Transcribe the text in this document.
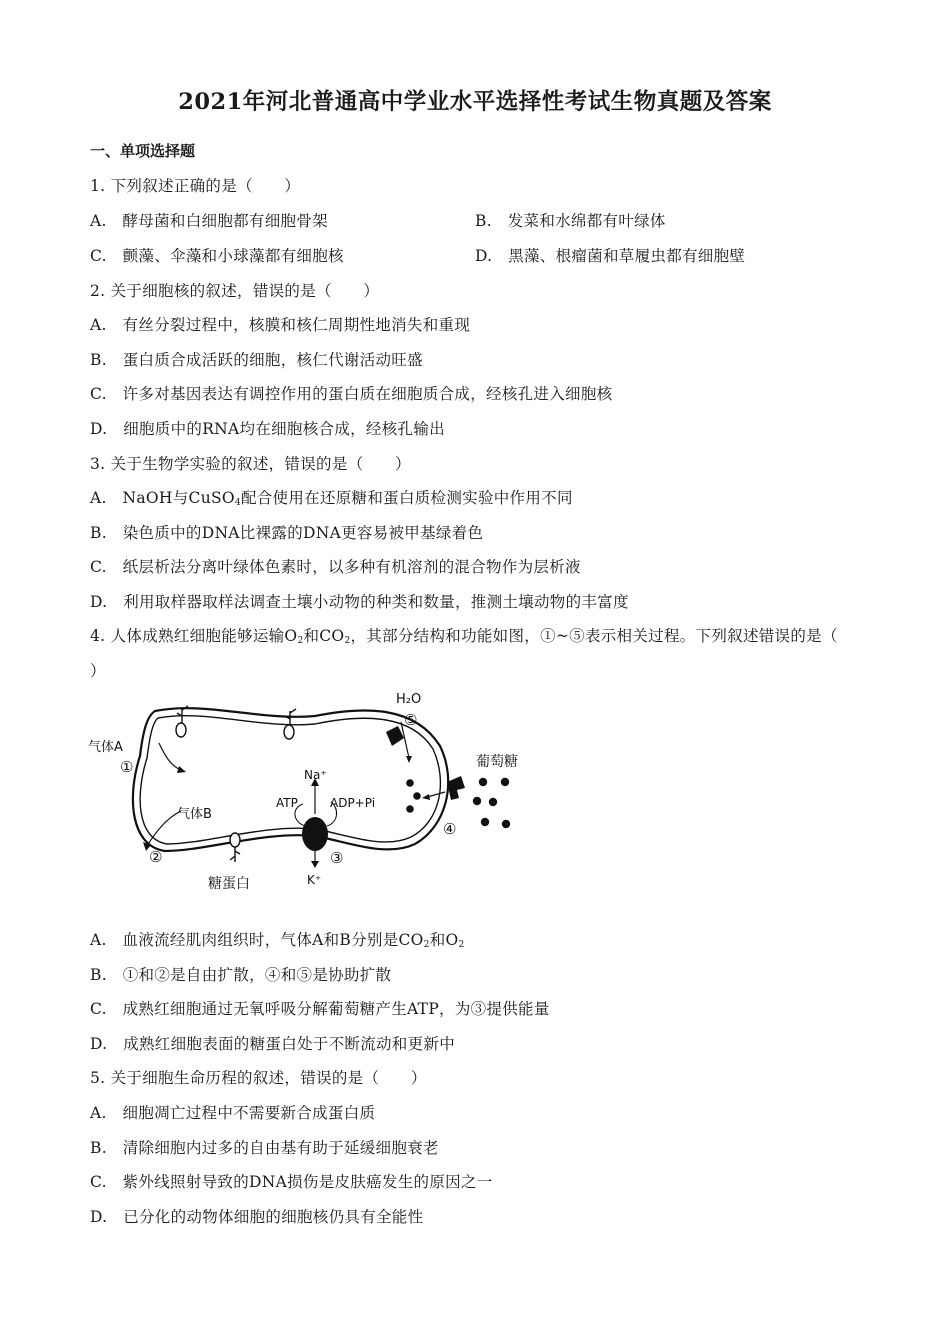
2021年河北普通高中学业水平选择性考试生物真题及答案
一、单项选择题
1. 下列叙述正确的是（　　）
A.　酵母菌和白细胞都有细胞骨架	B.　发菜和水绵都有叶绿体
C.　颤藻、伞藻和小球藻都有细胞核	D.　黑藻、根瘤菌和草履虫都有细胞壁
2. 关于细胞核的叙述，错误的是（　　）
A.　有丝分裂过程中，核膜和核仁周期性地消失和重现
B.　蛋白质合成活跃的细胞，核仁代谢活动旺盛
C.　许多对基因表达有调控作用的蛋白质在细胞质合成，经核孔进入细胞核
D.　细胞质中的RNA均在细胞核合成，经核孔输出
3. 关于生物学实验的叙述，错误的是（　　）
A.　NaOH与CuSO$_4$配合使用在还原糖和蛋白质检测实验中作用不同
B.　染色质中的DNA比裸露的DNA更容易被甲基绿着色
C.　纸层析法分离叶绿体色素时，以多种有机溶剂的混合物作为层析液
D.　利用取样器取样法调查土壤小动物的种类和数量，推测土壤动物的丰富度
4. 人体成熟红细胞能够运输$O_2$和$CO_2$，其部分结构和功能如图，①~⑤表示相关过程。下列叙述错误的是（
）
气体A
①
气体B
②
糖蛋白
Na⁺
ATP	ADP+Pi
③
K⁺
H₂O
⑤
葡萄糖
④
A.　血液流经肌肉组织时，气体A和B分别是$CO_2$和$O_2$
B.　①和②是自由扩散，④和⑤是协助扩散
C.　成熟红细胞通过无氧呼吸分解葡萄糖产生ATP，为③提供能量
D.　成熟红细胞表面的糖蛋白处于不断流动和更新中
5. 关于细胞生命历程的叙述，错误的是（　　）
A.　细胞凋亡过程中不需要新合成蛋白质
B.　清除细胞内过多的自由基有助于延缓细胞衰老
C.　紫外线照射导致的DNA损伤是皮肤癌发生的原因之一
D.　已分化的动物体细胞的细胞核仍具有全能性
